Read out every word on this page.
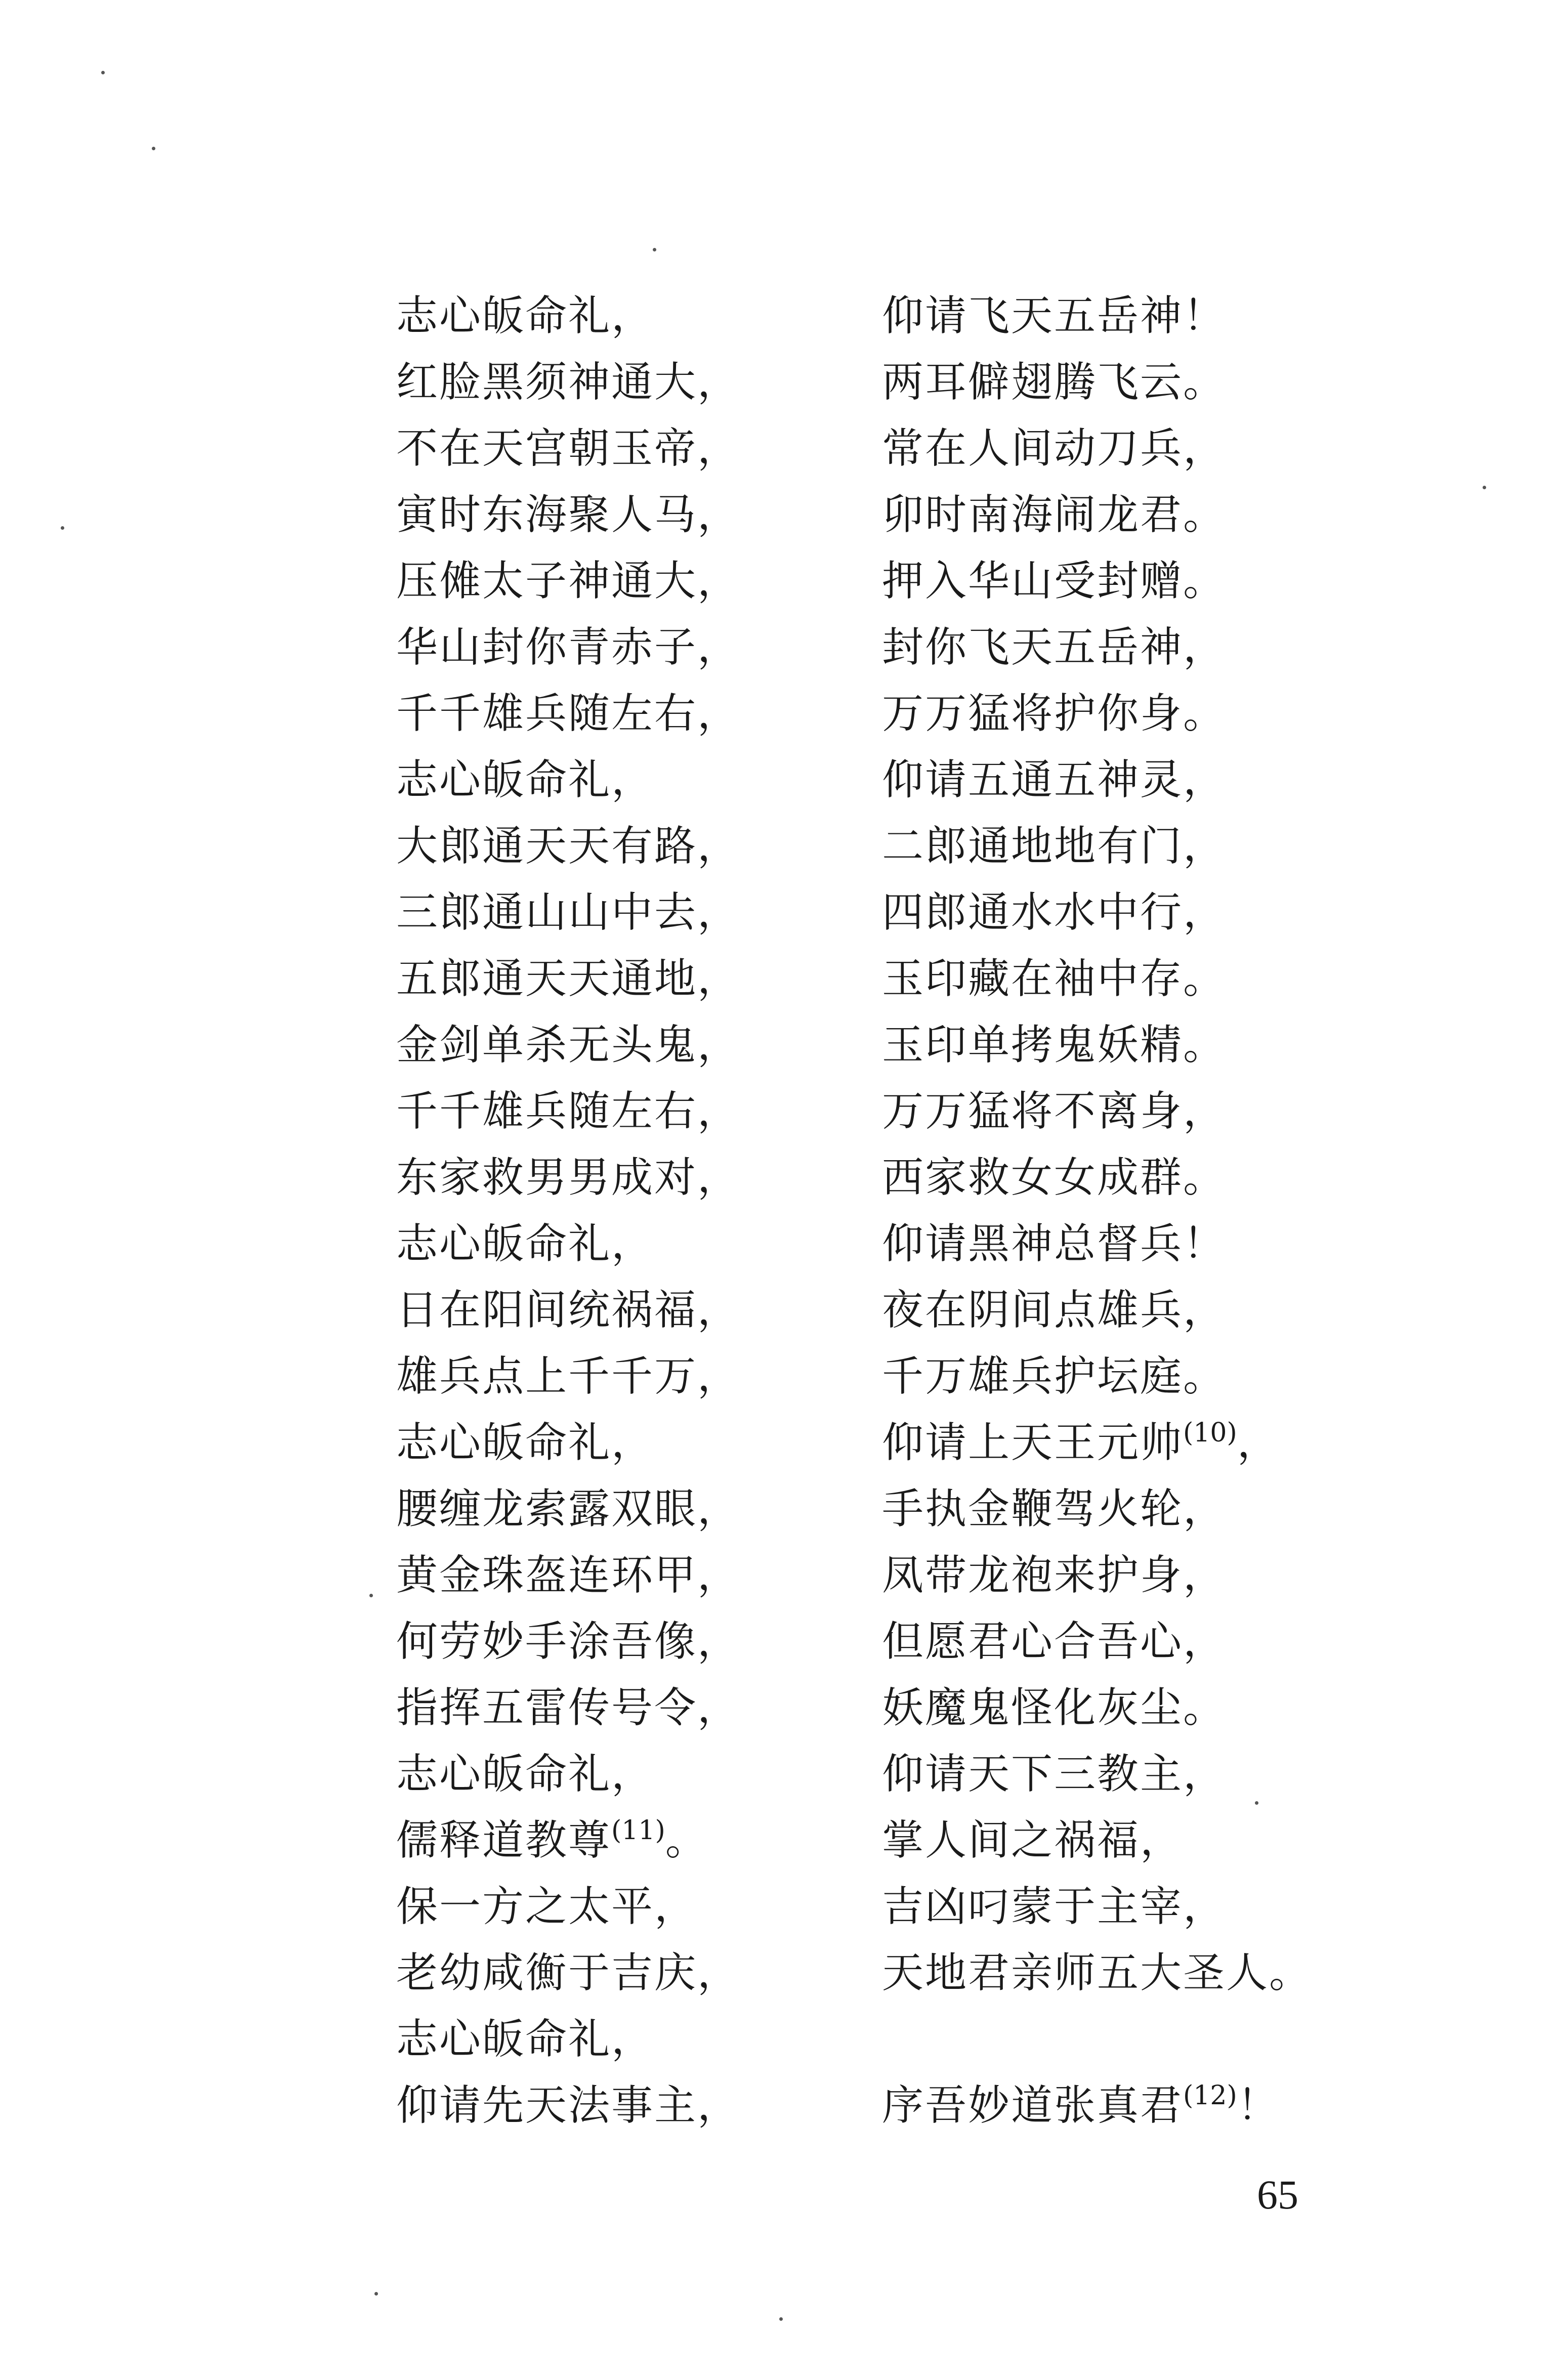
志心皈命礼，	仰请飞天五岳神！
红脸黑须神通大，	两耳僻翅腾飞云。
不在天宫朝玉帝，	常在人间动刀兵，
寅时东海聚人马，	卯时南海闹龙君。
压傩太子神通大，	押入华山受封赠。
华山封你青赤子，	封你飞天五岳神，
千千雄兵随左右，	万万猛将护你身。
志心皈命礼，	仰请五通五神灵，
大郎通天天有路，	二郎通地地有门，
三郎通山山中去，	四郎通水水中行，
五郎通天天通地，	玉印藏在袖中存。
金剑单杀无头鬼，	玉印单拷鬼妖精。
千千雄兵随左右，	万万猛将不离身，
东家救男男成对，	西家救女女成群。
志心皈命礼，	仰请黑神总督兵！
日在阳间统祸福，	夜在阴间点雄兵，
雄兵点上千千万，	千万雄兵护坛庭。
志心皈命礼，	仰请上天王元帅$^{(10)}$，
腰缠龙索露双眼，	手执金鞭驾火轮，
黄金珠盔连环甲，	凤带龙袍来护身，
何劳妙手涂吾像，	但愿君心合吾心，
指挥五雷传号令，	妖魔鬼怪化灰尘。
志心皈命礼，	仰请天下三教主，
儒释道教尊$^{(11)}$。	掌人间之祸福，
保一方之太平，	吉凶叼蒙于主宰，
老幼咸𢖍于吉庆，	天地君亲师五大圣人。
志心皈命礼，
仰请先天法事主，	序吾妙道张真君$^{(12)}$！
65
